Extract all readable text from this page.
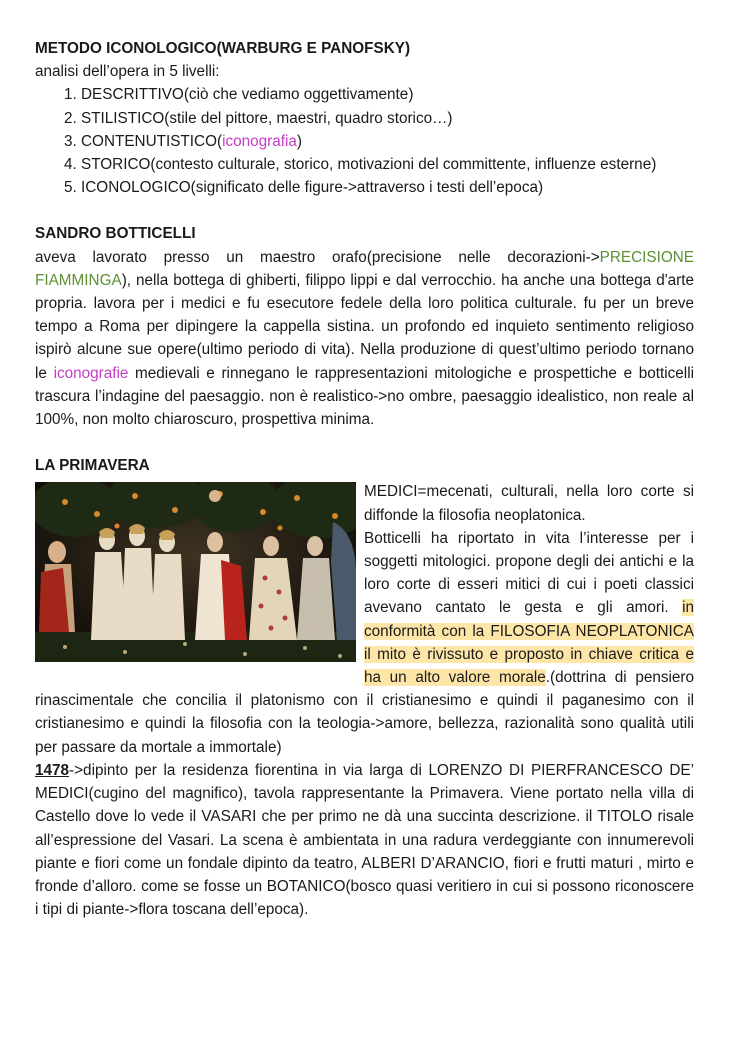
METODO ICONOLOGICO(WARBURG E PANOFSKY)

analisi dell’opera in 5 livelli:

1. DESCRITTIVO(ciò che vediamo oggettivamente)
2. STILISTICO(stile del pittore, maestri, quadro storico…)
3. CONTENUTISTICO(iconografia)
4. STORICO(contesto culturale, storico, motivazioni del committente, influenze esterne)
5. ICONOLOGICO(significato delle figure->attraverso i testi dell’epoca)
SANDRO BOTTICELLI

aveva lavorato presso un maestro orafo(precisione nelle decorazioni->PRECISIONE FIAMMINGA), nella bottega di ghiberti, filippo lippi e dal verrocchio. ha anche una bottega d'arte propria. lavora per i medici e fu esecutore fedele della loro politica culturale. fu per un breve tempo a Roma per dipingere la cappella sistina. un profondo ed inquieto sentimento religioso ispirò alcune sue opere(ultimo periodo di vita). Nella produzione di quest’ultimo periodo tornano le iconografie medievali e rinnegano le rappresentazioni mitologiche e prospettiche e botticelli trascura l’indagine del paesaggio. non è realistico->no ombre, paesaggio idealistico, non reale al 100%, non molto chiaroscuro, prospettiva minima.

LA PRIMAVERA

MEDICI=mecenati, culturali, nella loro corte si diffonde la filosofia neoplatonica.

Botticelli ha riportato in vita l’interesse per i soggetti mitologici. propone degli dei antichi e la loro corte di esseri mitici di cui i poeti classici avevano cantato le gesta e gli amori. in conformità con la FILOSOFIA NEOPLATONICA il mito è rivissuto e proposto in chiave critica e ha un alto valore morale.(dottrina di pensiero rinascimentale che concilia il platonismo con il cristianesimo e quindi il paganesimo con il cristianesimo e quindi la filosofia con la teologia->amore, bellezza, razionalità sono qualità utili per passare da mortale a immortale)

1478->dipinto per la residenza fiorentina in via larga di LORENZO DI PIERFRANCESCO DE’ MEDICI(cugino del magnifico), tavola rappresentante la Primavera. Viene portato nella villa di Castello dove lo vede il VASARI che per primo ne dà una succinta descrizione. il TITOLO risale all’espressione del Vasari. La scena è ambientata in una radura verdeggiante con innumerevoli piante e fiori come un fondale dipinto da teatro, ALBERI D’ARANCIO, fiori e frutti maturi , mirto e fronde d’alloro. come se fosse un BOTANICO(bosco quasi veritiero in cui si possono riconoscere i tipi di piante->flora toscana dell’epoca).
